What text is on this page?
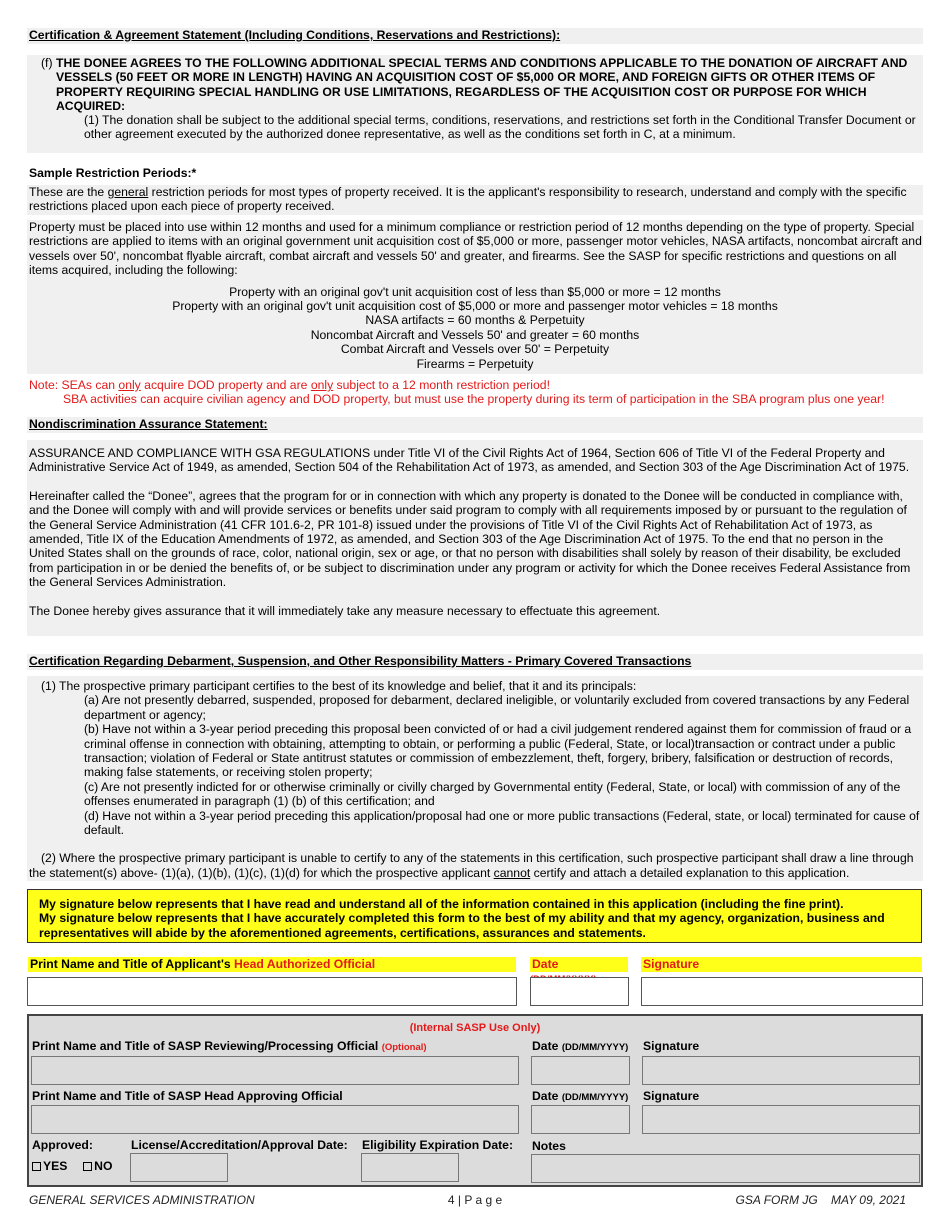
Certification & Agreement Statement (Including Conditions, Reservations and Restrictions):
(f) THE DONEE AGREES TO THE FOLLOWING ADDITIONAL SPECIAL TERMS AND CONDITIONS APPLICABLE TO THE DONATION OF AIRCRAFT AND VESSELS (50 FEET OR MORE IN LENGTH) HAVING AN ACQUISITION COST OF $5,000 OR MORE, AND FOREIGN GIFTS OR OTHER ITEMS OF PROPERTY REQUIRING SPECIAL HANDLING OR USE LIMITATIONS, REGARDLESS OF THE ACQUISITION COST OR PURPOSE FOR WHICH ACQUIRED:
(1) The donation shall be subject to the additional special terms, conditions, reservations, and restrictions set forth in the Conditional Transfer Document or other agreement executed by the authorized donee representative, as well as the conditions set forth in C, at a minimum.
Sample Restriction Periods:*
These are the general restriction periods for most types of property received. It is the applicant's responsibility to research, understand and comply with the specific restrictions placed upon each piece of property received.
Property must be placed into use within 12 months and used for a minimum compliance or restriction period of 12 months depending on the type of property. Special restrictions are applied to items with an original government unit acquisition cost of $5,000 or more, passenger motor vehicles, NASA artifacts, noncombat aircraft and vessels over 50', noncombat flyable aircraft, combat aircraft and vessels 50' and greater, and firearms. See the SASP for specific restrictions and questions on all items acquired, including the following:
Property with an original gov't unit acquisition cost of less than $5,000 or more = 12 months
Property with an original gov't unit acquisition cost of $5,000 or more and passenger motor vehicles = 18 months
NASA artifacts = 60 months & Perpetuity
Noncombat Aircraft and Vessels 50' and greater = 60 months
Combat Aircraft and Vessels over 50' = Perpetuity
Firearms = Perpetuity
Note: SEAs can only acquire DOD property and are only subject to a 12 month restriction period!
SBA activities can acquire civilian agency and DOD property, but must use the property during its term of participation in the SBA program plus one year!
Nondiscrimination Assurance Statement:

ASSURANCE AND COMPLIANCE WITH GSA REGULATIONS under Title VI of the Civil Rights Act of 1964, Section 606 of Title VI of the Federal Property and Administrative Service Act of 1949, as amended, Section 504 of the Rehabilitation Act of 1973, as amended, and Section 303 of the Age Discrimination Act of 1975.

Hereinafter called the “Donee”, agrees that the program for or in connection with which any property is donated to the Donee will be conducted in compliance with, and the Donee will comply with and will provide services or benefits under said program to comply with all requirements imposed by or pursuant to the regulation of the General Service Administration (41 CFR 101.6-2, PR 101-8) issued under the provisions of Title VI of the Civil Rights Act of Rehabilitation Act of 1973, as amended, Title IX of the Education Amendments of 1972, as amended, and Section 303 of the Age Discrimination Act of 1975. To the end that no person in the United States shall on the grounds of race, color, national origin, sex or age, or that no person with disabilities shall solely by reason of their disability, be excluded from participation in or be denied the benefits of, or be subject to discrimination under any program or activity for which the Donee receives Federal Assistance from the General Services Administration.

The Donee hereby gives assurance that it will immediately take any measure necessary to effectuate this agreement.

Certification Regarding Debarment, Suspension, and Other Responsibility Matters - Primary Covered Transactions
(1) The prospective primary participant certifies to the best of its knowledge and belief, that it and its principals:
(a) Are not presently debarred, suspended, proposed for debarment, declared ineligible, or voluntarily excluded from covered transactions by any Federal department or agency;
(b) Have not within a 3-year period preceding this proposal been convicted of or had a civil judgement rendered against them for commission of fraud or a criminal offense in connection with obtaining, attempting to obtain, or performing a public (Federal, State, or local)transaction or contract under a public transaction; violation of Federal or State antitrust statutes or commission of embezzlement, theft, forgery, bribery, falsification or destruction of records, making false statements, or receiving stolen property;
(c) Are not presently indicted for or otherwise criminally or civilly charged by Governmental entity (Federal, State, or local) with commission of any of the offenses enumerated in paragraph (1) (b) of this certification; and
(d) Have not within a 3-year period preceding this application/proposal had one or more public transactions (Federal, state, or local) terminated for cause of default.
(2) Where the prospective primary participant is unable to certify to any of the statements in this certification, such prospective participant shall draw a line through the statement(s) above- (1)(a), (1)(b), (1)(c), (1)(d) for which the prospective applicant cannot certify and attach a detailed explanation to this application.
My signature below represents that I have read and understand all of the information contained in this application (including the fine print).
My signature below represents that I have accurately completed this form to the best of my ability and that my agency, organization, business and representatives will abide by the aforementioned agreements, certifications, assurances and statements.
Print Name and Title of Applicant's Head Authorized Official	Date	Signature
(Internal SASP Use Only)
Print Name and Title of SASP Reviewing/Processing Official (Optional)	Date (DD/MM/YYYY) Signature
Print Name and Title of SASP Head Approving Official	Date (DD/MM/YYYY) Signature
Approved:
YES NO
License/Accreditation/Approval Date: Eligibility Expiration Date: Notes
GENERAL SERVICES ADMINISTRATION	4 | P a g e	GSA FORM JG    MAY 09, 2021
